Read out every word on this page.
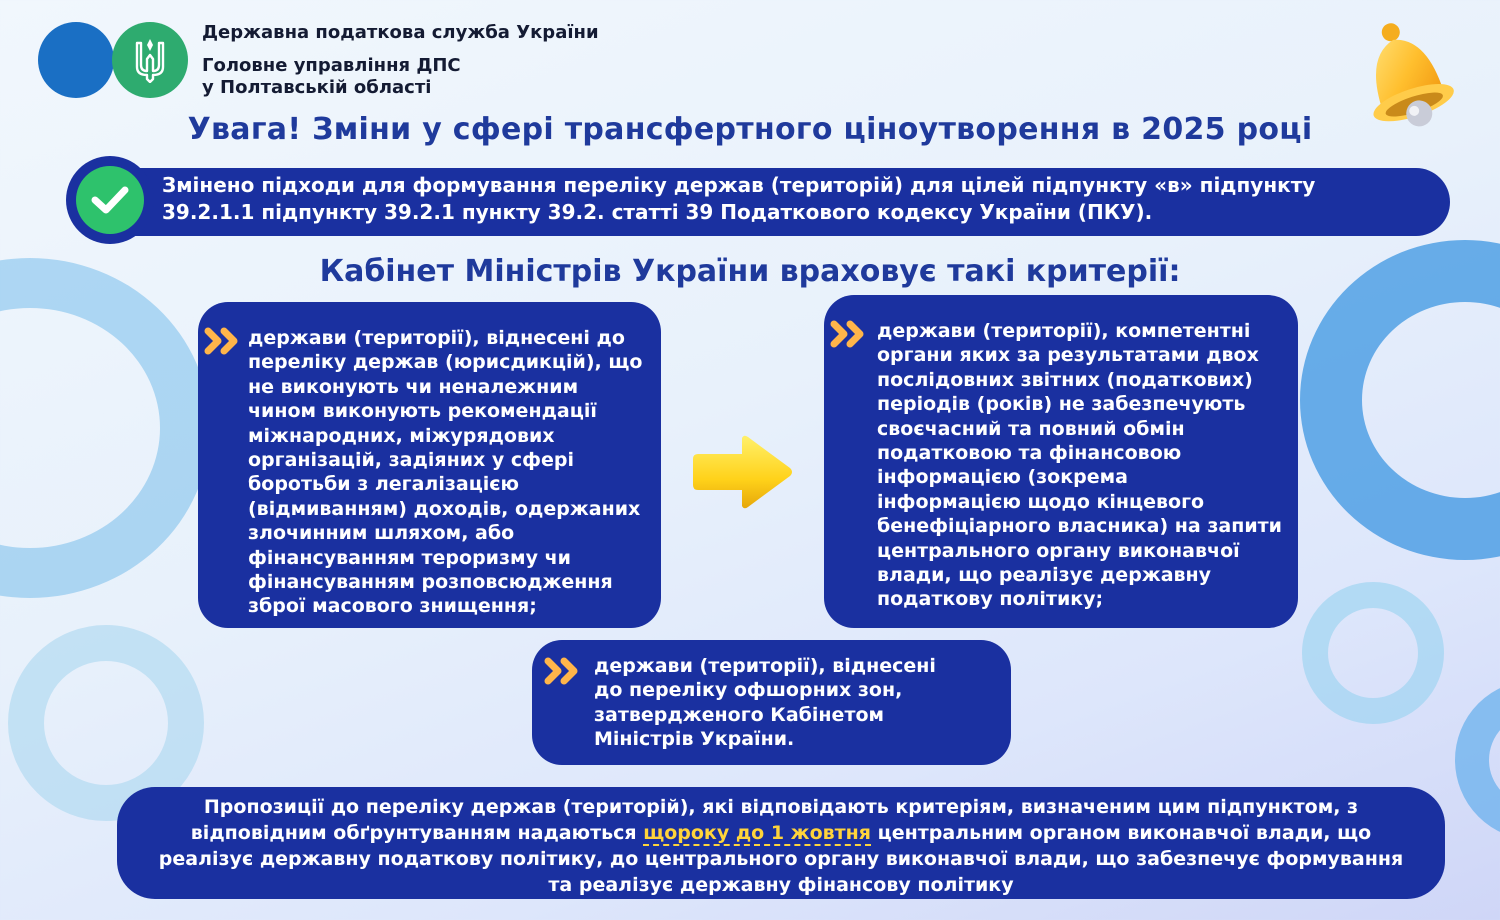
Державна податкова служба України
Головне управління ДПС
у Полтавській області
Увага! Зміни у сфері трансфертного ціноутворення в 2025 році
Змінено підходи для формування переліку держав (територій) для цілей підпункту «в» підпункту
39.2.1.1 підпункту 39.2.1 пункту 39.2. статті 39 Податкового кодексу України (ПКУ).
Кабінет Міністрів України враховує такі критерії:
держави (території), віднесені до
переліку держав (юрисдикцій), що
не виконують чи неналежним
чином виконують рекомендації
міжнародних, міжурядових
організацій, задіяних у сфері
боротьби з легалізацією
(відмиванням) доходів, одержаних
злочинним шляхом, або
фінансуванням тероризму чи
фінансуванням розповсюдження
зброї масового знищення;
держави (території), компетентні
органи яких за результатами двох
послідовних звітних (податкових)
періодів (років) не забезпечують
своєчасний та повний обмін
податковою та фінансовою
інформацією (зокрема
інформацією щодо кінцевого
бенефіціарного власника) на запити
центрального органу виконавчої
влади, що реалізує державну
податкову політику;
держави (території), віднесені
до переліку офшорних зон,
затвердженого Кабінетом
Міністрів України.
Пропозиції до переліку держав (територій), які відповідають критеріям, визначеним цим підпунктом, з
відповідним обґрунтуванням надаються щороку до 1 жовтня центральним органом виконавчої влади, що
реалізує державну податкову політику, до центрального органу виконавчої влади, що забезпечує формування
та реалізує державну фінансову політику
